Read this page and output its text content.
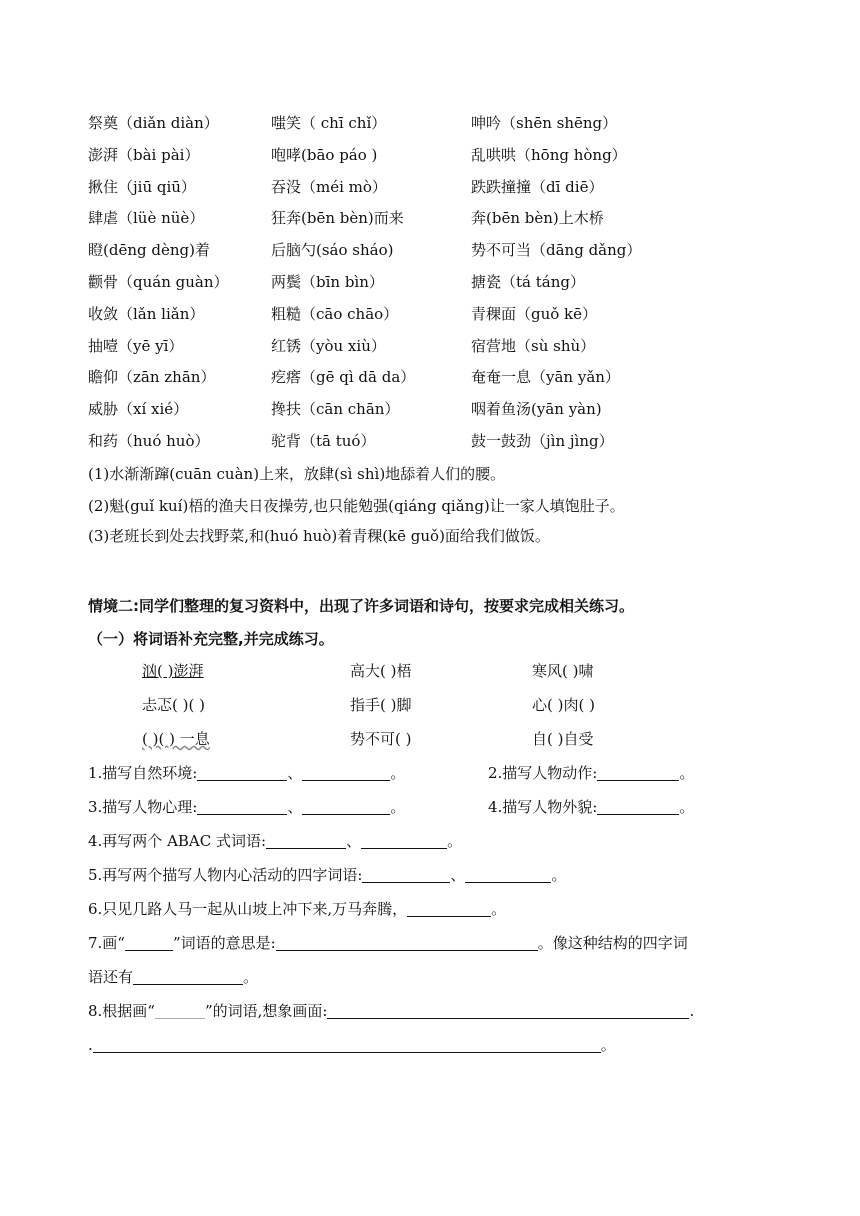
祭奠（diǎn diàn）	嗤笑（ chī chǐ）	呻吟（shēn shēng）
澎湃（bài pài）	咆哮(bāo páo )	乱哄哄（hōng hòng）
揪住（jiū qiū）	吞没（méi mò）	跌跌撞撞（dī diē）
肆虐（lüè nüè）	狂奔(bēn bèn)而来	奔(bēn bèn)上木桥
瞪(dēng dèng)着	后脑勺(sáo sháo)	势不可当（dāng dǎng）
颧骨（quán guàn）	两鬓（bīn bìn）	搪瓷（tá táng）
收敛（lǎn liǎn）	粗糙（cāo chāo）	青稞面（guǒ kē）
抽噎（yē yī）	红锈（yòu xiù）	宿营地（sù shù）
瞻仰（zān zhān）	疙瘩（gē qì dā da）	奄奄一息（yān yǎn）
威胁（xí xié）	搀扶（cān chān）	咽着鱼汤(yān yàn)
和药（huó huò）	驼背（tā tuó）	鼓一鼓劲（jìn jìng）
(1)水渐渐蹿(cuān cuàn)上来，放肆(sì shì)地舔着人们的腰。
(2)魁(guǐ kuí)梧的渔夫日夜操劳,也只能勉强(qiáng qiǎng)让一家人填饱肚子。
(3)老班长到处去找野菜,和(huó huò)着青稞(kē guǒ)面给我们做饭。
情境二:同学们整理的复习资料中，出现了许多词语和诗句，按要求完成相关练习。
（一）将词语补充完整,并完成练习。
汹( )澎湃	高大( )梧	寒风( )啸
忐忑( )( )	指手( )脚	心( )肉( )
( )( ) 一息	势不可( )	自( )自受
1.描写自然环境:	、	。	2.描写人物动作:	。
3.描写人物心理:	、	。	4.描写人物外貌:	。
4.再写两个 ABAC 式词语:	、	。
5.再写两个描写人物内心活动的四字词语:	、	。
6.只见几路人马一起从山坡上冲下来,万马奔腾，	。
7.画“	”词语的意思是:	。像这种结构的四字词
语还有	。
8.根据画“	”的词语,想象画面:	.
.	。
